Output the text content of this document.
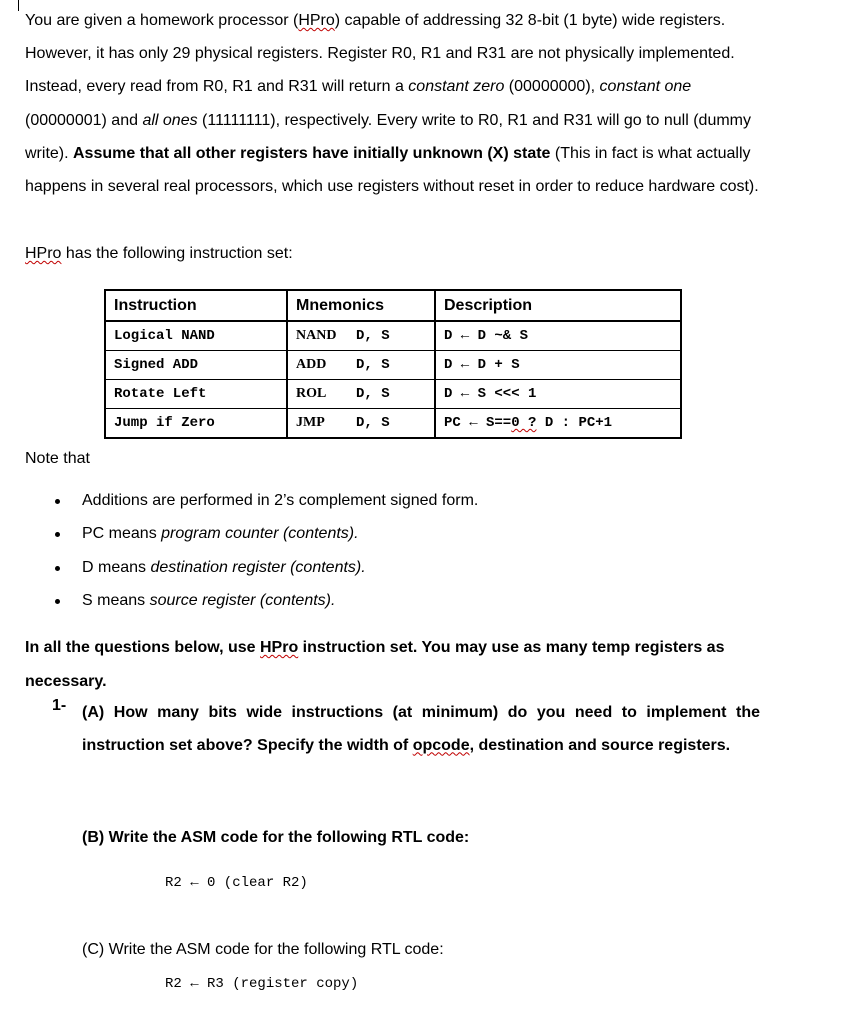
You are given a homework processor (HPro) capable of addressing 32 8-bit (1 byte) wide registers. However, it has only 29 physical registers. Register R0, R1 and R31 are not physically implemented. Instead, every read from R0, R1 and R31 will return a constant zero (00000000), constant one (00000001) and all ones (11111111), respectively. Every write to R0, R1 and R31 will go to null (dummy write). Assume that all other registers have initially unknown (X) state (This in fact is what actually happens in several real processors, which use registers without reset in order to reduce hardware cost).
HPro has the following instruction set:
Instruction	Mnemonics	Description
Logical NAND	NAND D, S	D ← D ~& S
Signed ADD	ADD D, S	D ← D + S
Rotate Left	ROL D, S	D ← S <<< 1
Jump if Zero	JMP D, S	PC ← S==0 ? D : PC+1
Note that
Additions are performed in 2’s complement signed form.
PC means program counter (contents).
D means destination register (contents).
S means source register (contents).
In all the questions below, use HPro instruction set. You may use as many temp registers as necessary.
1- (A) How many bits wide instructions (at minimum) do you need to implement the instruction set above? Specify the width of opcode, destination and source registers.
(B) Write the ASM code for the following RTL code:
R2 ← 0 (clear R2)
(C) Write the ASM code for the following RTL code:
R2 ← R3 (register copy)
